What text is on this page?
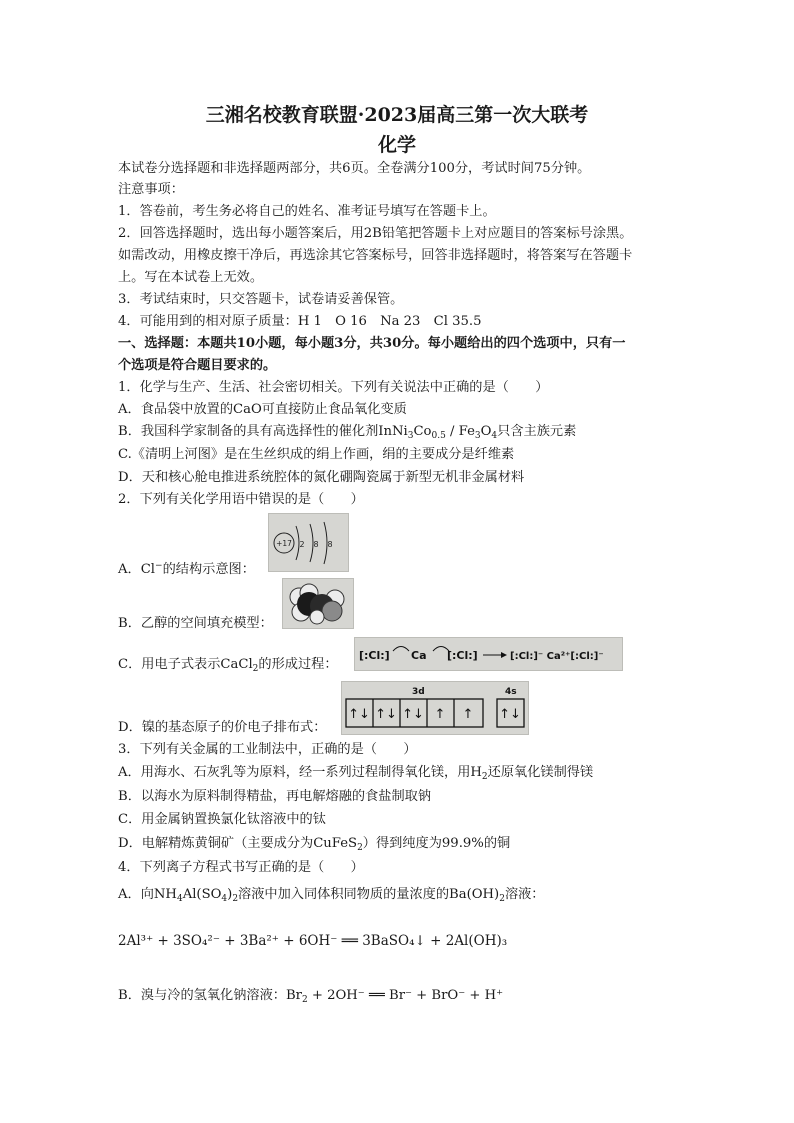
三湘名校教育联盟·2023届高三第一次大联考
化学
本试卷分选择题和非选择题两部分，共6页。全卷满分100分，考试时间75分钟。
注意事项：
1．答卷前，考生务必将自己的姓名、准考证号填写在答题卡上。
2．回答选择题时，选出每小题答案后，用2B铅笔把答题卡上对应题目的答案标号涂黑。
如需改动，用橡皮擦干净后，再选涂其它答案标号，回答非选择题时，将答案写在答题卡
上。写在本试卷上无效。
3．考试结束时，只交答题卡，试卷请妥善保管。
4．可能用到的相对原子质量：H 1　O 16　Na 23　Cl 35.5
一、选择题：本题共10小题，每小题3分，共30分。每小题给出的四个选项中，只有一
个选项是符合题目要求的。
1．化学与生产、生活、社会密切相关。下列有关说法中正确的是（　　）
A．食品袋中放置的CaO可直接防止食品氧化变质
B．我国科学家制备的具有高选择性的催化剂$InNi_3Co_{0.5} / Fe_3O_4$只含主族元素
C.《清明上河图》是在生丝织成的绢上作画，绢的主要成分是纤维素
D．天和核心舱电推进系统腔体的氮化硼陶瓷属于新型无机非金属材料
2．下列有关化学用语中错误的是（　　）
+17 2 8 8
A．Cl−的结构示意图：
B．乙醇的空间填充模型：
[:Cl:] Ca [:Cl:]	[:Cl:]⁻ Ca²⁺[:Cl:]⁻
C．用电子式表示CaCl$_2$的形成过程：
3d	4s
↑↓ ↑↓ ↑↓ ↑ ↑ ↑↓
D．镍的基态原子的价电子排布式：
3．下列有关金属的工业制法中，正确的是（　　）
A．用海水、石灰乳等为原料，经一系列过程制得氧化镁，用$H_2$还原氧化镁制得镁
B．以海水为原料制得精盐，再电解熔融的食盐制取钠
C．用金属钠置换氯化钛溶液中的钛
D．电解精炼黄铜矿（主要成分为CuFeS$_2$）得到纯度为99.9%的铜
4．下列离子方程式书写正确的是（　　）
A．向$NH_4Al(SO_4)_2$溶液中加入同体积同物质的量浓度的$Ba(OH)_2$溶液：
2Al³⁺ + 3SO₄²⁻ + 3Ba²⁺ + 6OH⁻ ══ 3BaSO₄↓ + 2Al(OH)₃
B．溴与冷的氢氧化钠溶液：$Br_2 + 2OH^-$ ══ Br⁻ + BrO⁻ + H⁺
